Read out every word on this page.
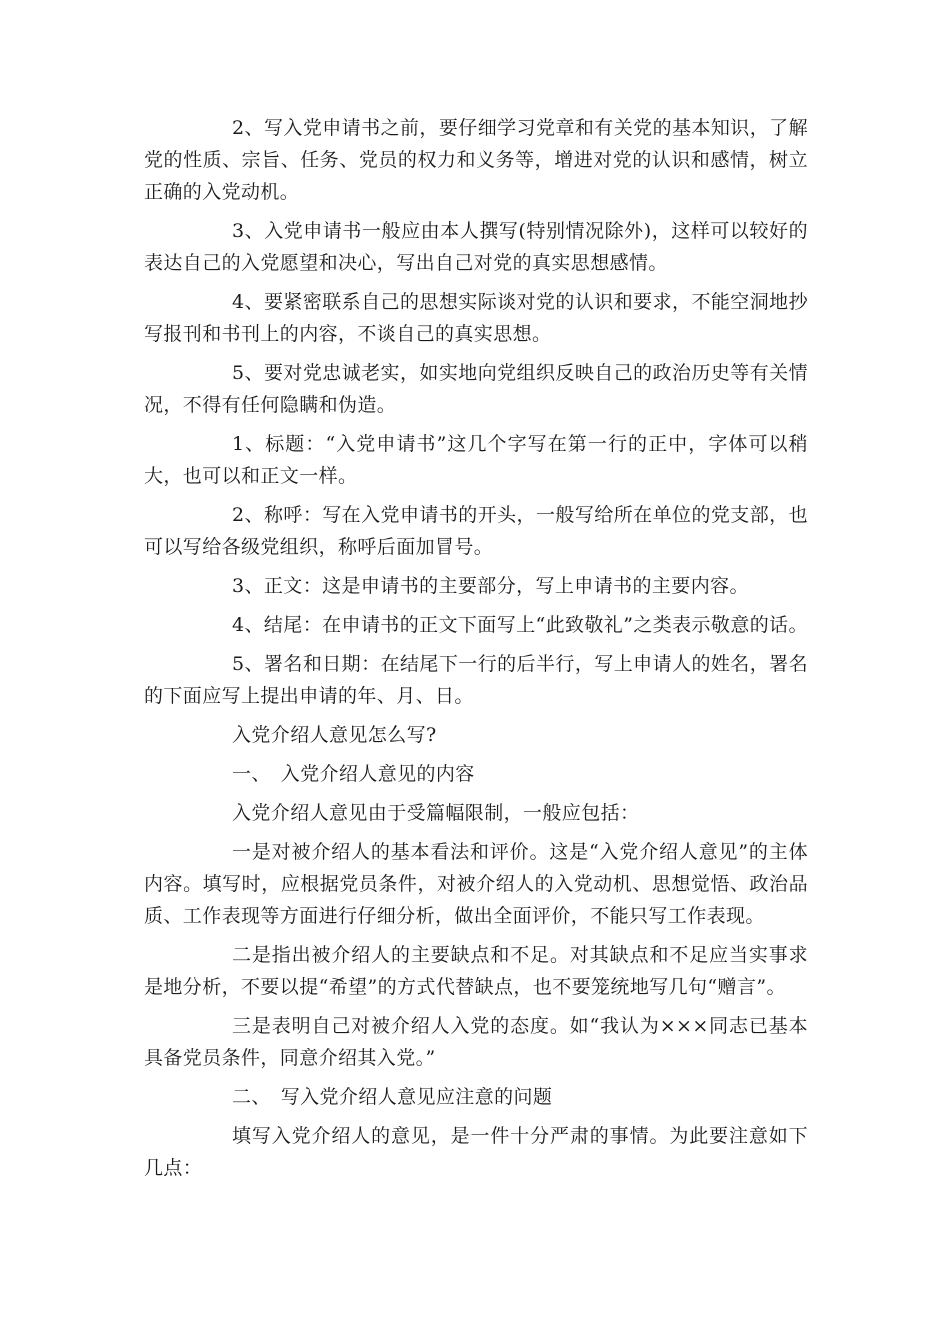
2、写入党申请书之前，要仔细学习党章和有关党的基本知识，了解党的性质、宗旨、任务、党员的权力和义务等，增进对党的认识和感情，树立正确的入党动机。

3、入党申请书一般应由本人撰写(特别情况除外)，这样可以较好的表达自己的入党愿望和决心，写出自己对党的真实思想感情。

4、要紧密联系自己的思想实际谈对党的认识和要求，不能空洞地抄写报刊和书刊上的内容，不谈自己的真实思想。

5、要对党忠诚老实，如实地向党组织反映自己的政治历史等有关情况，不得有任何隐瞒和伪造。

1、标题：“入党申请书”这几个字写在第一行的正中，字体可以稍大，也可以和正文一样。

2、称呼：写在入党申请书的开头，一般写给所在单位的党支部，也可以写给各级党组织，称呼后面加冒号。

3、正文：这是申请书的主要部分，写上申请书的主要内容。

4、结尾：在申请书的正文下面写上“此致敬礼”之类表示敬意的话。

5、署名和日期：在结尾下一行的后半行，写上申请人的姓名，署名的下面应写上提出申请的年、月、日。

入党介绍人意见怎么写?

一、　入党介绍人意见的内容

入党介绍人意见由于受篇幅限制，一般应包括：

一是对被介绍人的基本看法和评价。这是“入党介绍人意见”的主体内容。填写时，应根据党员条件，对被介绍人的入党动机、思想觉悟、政治品质、工作表现等方面进行仔细分析，做出全面评价，不能只写工作表现。

二是指出被介绍人的主要缺点和不足。对其缺点和不足应当实事求是地分析，不要以提“希望”的方式代替缺点，也不要笼统地写几句“赠言”。

三是表明自己对被介绍人入党的态度。如“我认为×××同志已基本具备党员条件，同意介绍其入党。”

二、　写入党介绍人意见应注意的问题

填写入党介绍人的意见，是一件十分严肃的事情。为此要注意如下几点：
